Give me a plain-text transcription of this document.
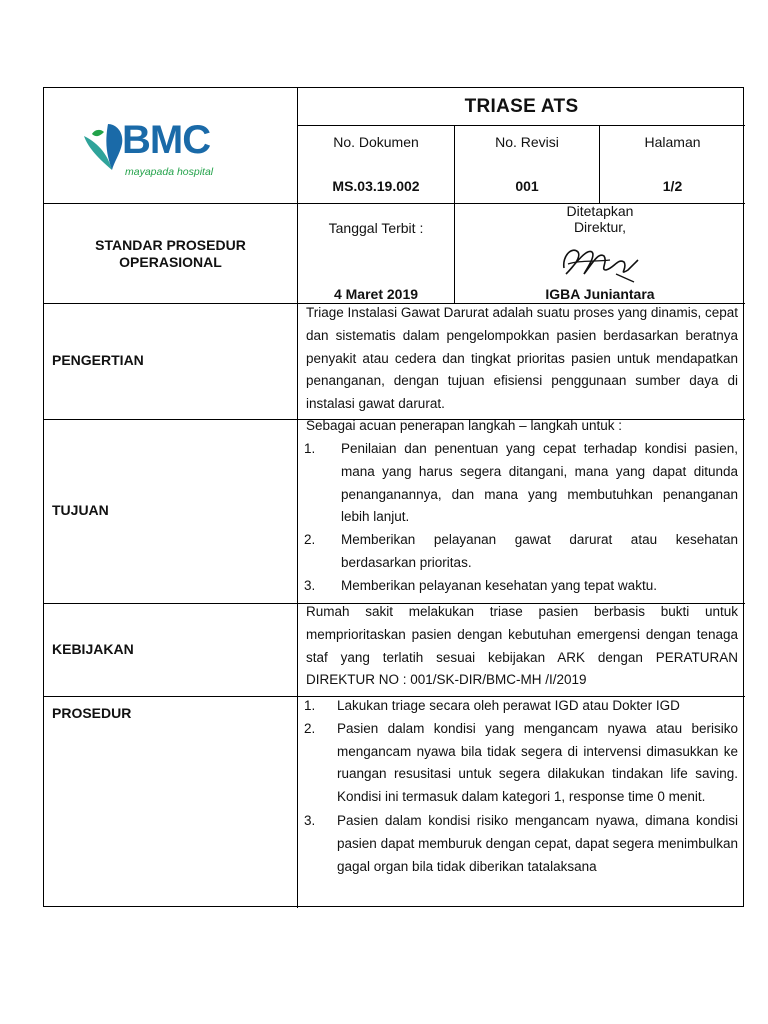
BMC
mayapada hospital
TRIASE ATS
No. Dokumen
MS.03.19.002
No. Revisi
001
Halaman
1/2
STANDAR PROSEDUR
OPERASIONAL
Tanggal Terbit :
4 Maret 2019
Ditetapkan
Direktur,
IGBA Juniantara
PENGERTIAN
Triage Instalasi Gawat Darurat adalah suatu proses yang dinamis, cepat dan sistematis dalam pengelompokkan pasien berdasarkan beratnya penyakit atau cedera dan tingkat prioritas pasien untuk mendapatkan penanganan, dengan tujuan efisiensi penggunaan sumber daya di instalasi gawat darurat.
TUJUAN
Sebagai acuan penerapan langkah – langkah untuk :
1.	Penilaian dan penentuan yang cepat terhadap kondisi pasien, mana yang harus segera ditangani, mana yang dapat ditunda penanganannya, dan mana yang membutuhkan penanganan lebih lanjut.
2.	Memberikan pelayanan gawat darurat atau kesehatan berdasarkan prioritas.
3.	Memberikan pelayanan kesehatan yang tepat waktu.
KEBIJAKAN
Rumah sakit melakukan triase pasien berbasis bukti untuk memprioritaskan pasien dengan kebutuhan emergensi dengan tenaga staf yang terlatih sesuai kebijakan ARK dengan PERATURAN DIREKTUR NO : 001/SK-DIR/BMC-MH /I/2019
PROSEDUR	1.	Lakukan triage secara oleh perawat IGD atau Dokter IGD
2.	Pasien dalam kondisi yang mengancam nyawa atau berisiko mengancam nyawa bila tidak segera di intervensi dimasukkan ke ruangan resusitasi untuk segera dilakukan tindakan life saving. Kondisi ini termasuk dalam kategori 1, response time 0 menit.
3.	Pasien dalam kondisi risiko mengancam nyawa, dimana kondisi pasien dapat memburuk dengan cepat, dapat segera menimbulkan gagal organ bila tidak diberikan tatalaksana
